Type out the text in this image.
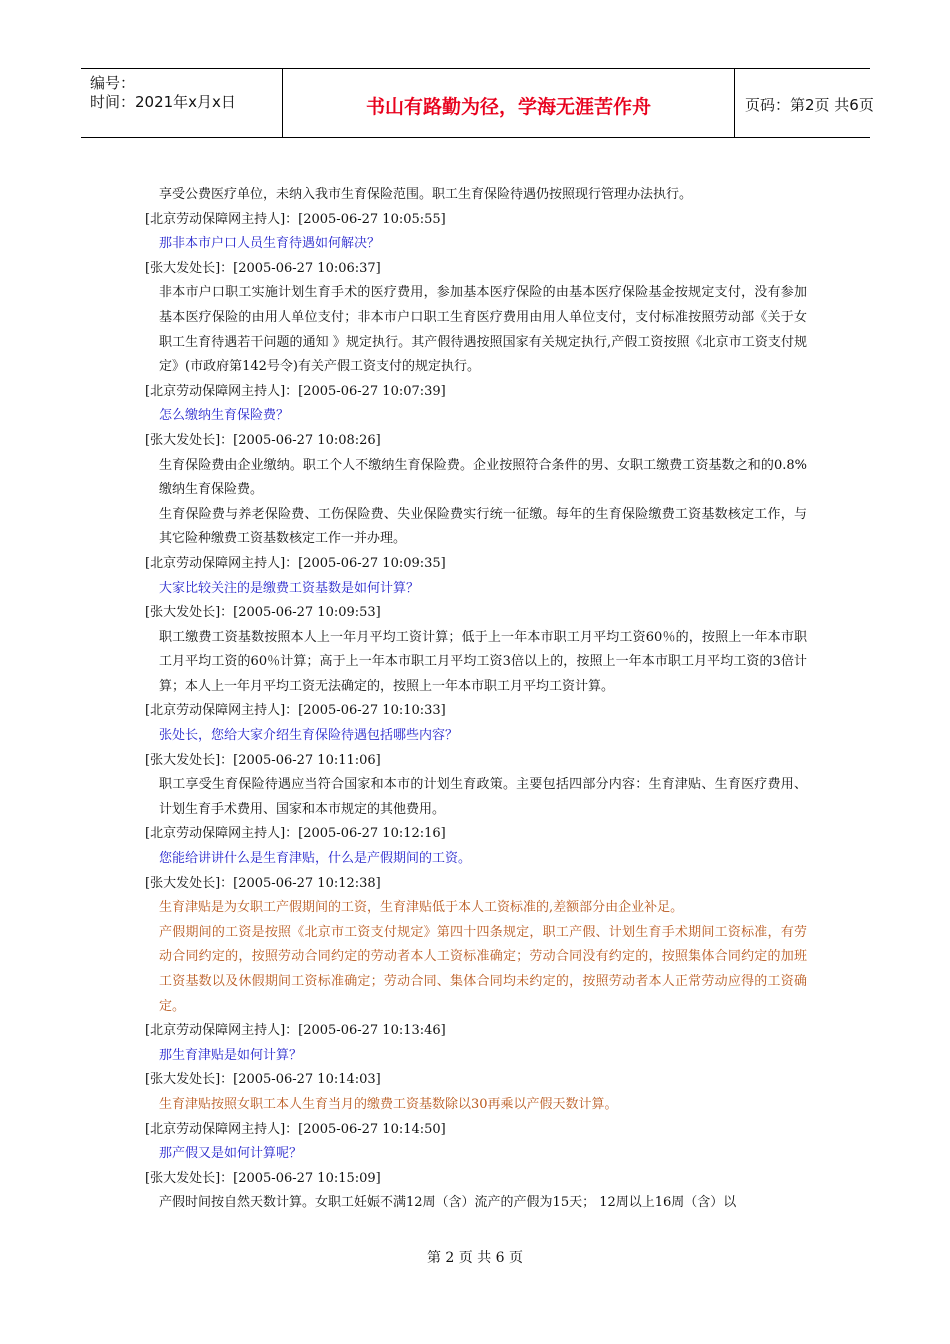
编号：
时间：2021年x月x日	书山有路勤为径，学海无涯苦作舟	页码：第2页 共6页
享受公费医疗单位，未纳入我市生育保险范围。职工生育保险待遇仍按照现行管理办法执行。
[北京劳动保障网主持人]：[2005-06-27 10:05:55]
那非本市户口人员生育待遇如何解决？
[张大发处长]：[2005-06-27 10:06:37]
非本市户口职工实施计划生育手术的医疗费用，参加基本医疗保险的由基本医疗保险基金按规定支付，没有参加基本医疗保险的由用人单位支付；非本市户口职工生育医疗费用由用人单位支付，支付标准按照劳动部《关于女职工生育待遇若干问题的通知 》规定执行。其产假待遇按照国家有关规定执行,产假工资按照《北京市工资支付规定》(市政府第142号令)有关产假工资支付的规定执行。
[北京劳动保障网主持人]：[2005-06-27 10:07:39]
怎么缴纳生育保险费？
[张大发处长]：[2005-06-27 10:08:26]
生育保险费由企业缴纳。职工个人不缴纳生育保险费。企业按照符合条件的男、女职工缴费工资基数之和的0.8%缴纳生育保险费。
生育保险费与养老保险费、工伤保险费、失业保险费实行统一征缴。每年的生育保险缴费工资基数核定工作，与其它险种缴费工资基数核定工作一并办理。
[北京劳动保障网主持人]：[2005-06-27 10:09:35]
大家比较关注的是缴费工资基数是如何计算？
[张大发处长]：[2005-06-27 10:09:53]
职工缴费工资基数按照本人上一年月平均工资计算；低于上一年本市职工月平均工资60％的，按照上一年本市职工月平均工资的60％计算；高于上一年本市职工月平均工资3倍以上的，按照上一年本市职工月平均工资的3倍计算；本人上一年月平均工资无法确定的，按照上一年本市职工月平均工资计算。
[北京劳动保障网主持人]：[2005-06-27 10:10:33]
张处长，您给大家介绍生育保险待遇包括哪些内容？
[张大发处长]：[2005-06-27 10:11:06]
职工享受生育保险待遇应当符合国家和本市的计划生育政策。主要包括四部分内容：生育津贴、生育医疗费用、计划生育手术费用、国家和本市规定的其他费用。
[北京劳动保障网主持人]：[2005-06-27 10:12:16]
您能给讲讲什么是生育津贴，什么是产假期间的工资。
[张大发处长]：[2005-06-27 10:12:38]
生育津贴是为女职工产假期间的工资，生育津贴低于本人工资标准的,差额部分由企业补足。
产假期间的工资是按照《北京市工资支付规定》第四十四条规定，职工产假、计划生育手术期间工资标准，有劳动合同约定的，按照劳动合同约定的劳动者本人工资标准确定；劳动合同没有约定的，按照集体合同约定的加班工资基数以及休假期间工资标准确定；劳动合同、集体合同均未约定的，按照劳动者本人正常劳动应得的工资确定。
[北京劳动保障网主持人]：[2005-06-27 10:13:46]
那生育津贴是如何计算？
[张大发处长]：[2005-06-27 10:14:03]
生育津贴按照女职工本人生育当月的缴费工资基数除以30再乘以产假天数计算。
[北京劳动保障网主持人]：[2005-06-27 10:14:50]
那产假又是如何计算呢？
[张大发处长]：[2005-06-27 10:15:09]
产假时间按自然天数计算。女职工妊娠不满12周（含）流产的产假为15天； 12周以上16周（含）以
第 2 页 共 6 页
